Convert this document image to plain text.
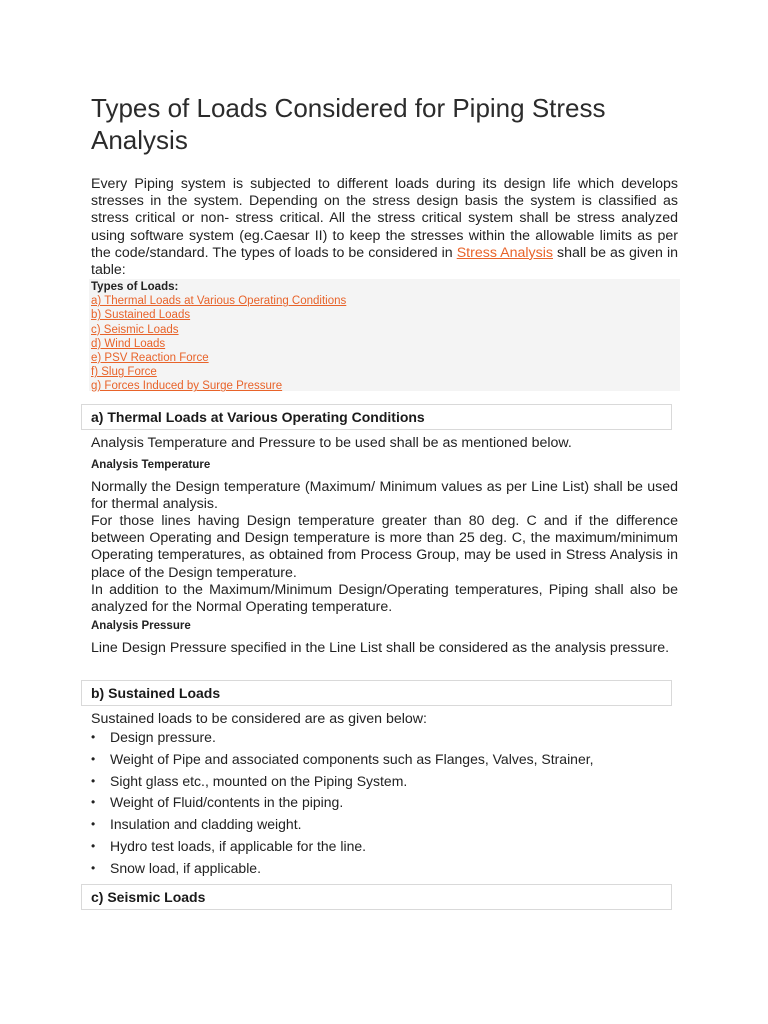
Types of Loads Considered for Piping Stress Analysis

Every Piping system is subjected to different loads during its design life which develops stresses in the system. Depending on the stress design basis the system is classified as stress critical or non- stress critical. All the stress critical system shall be stress analyzed using software system (eg.Caesar II) to keep the stresses within the allowable limits as per the code/standard. The types of loads to be considered in Stress Analysis shall be as given in table:

Types of Loads:
a) Thermal Loads at Various Operating Conditions
b) Sustained Loads
c) Seismic Loads
d) Wind Loads
e) PSV Reaction Force
f) Slug Force
g) Forces Induced by Surge Pressure
a) Thermal Loads at Various Operating Conditions

Analysis Temperature and Pressure to be used shall be as mentioned below.

Analysis Temperature

Normally the Design temperature (Maximum/ Minimum values as per Line List) shall be used for thermal analysis.

For those lines having Design temperature greater than 80 deg. C and if the difference between Operating and Design temperature is more than 25 deg. C, the maximum/minimum Operating temperatures, as obtained from Process Group, may be used in Stress Analysis in place of the Design temperature.

In addition to the Maximum/Minimum Design/Operating temperatures, Piping shall also be analyzed for the Normal Operating temperature.

Analysis Pressure

Line Design Pressure specified in the Line List shall be considered as the analysis pressure.

b) Sustained Loads

Sustained loads to be considered are as given below:

• Design pressure.
• Weight of Pipe and associated components such as Flanges, Valves, Strainer,
• Sight glass etc., mounted on the Piping System.
• Weight of Fluid/contents in the piping.
• Insulation and cladding weight.
• Hydro test loads, if applicable for the line.
• Snow load, if applicable.
c) Seismic Loads
